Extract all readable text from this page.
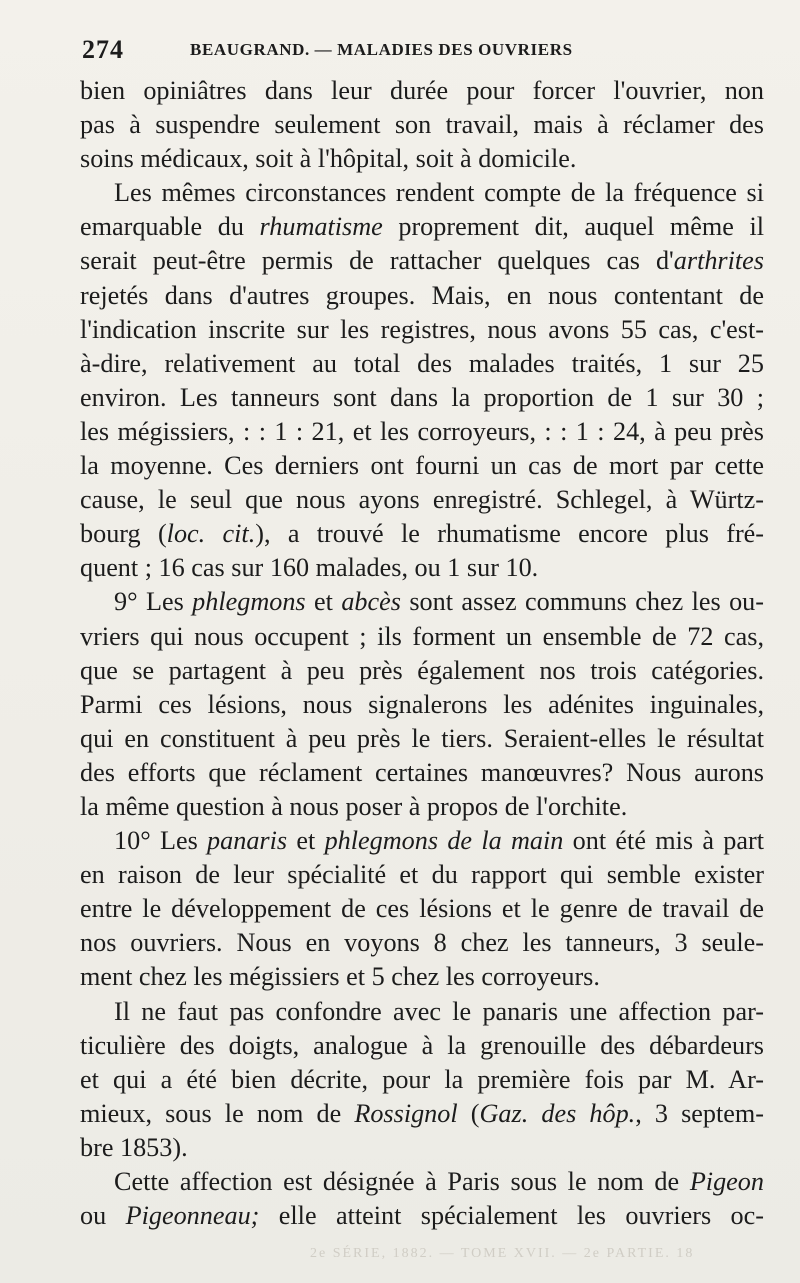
274	BEAUGRAND. — MALADIES DES OUVRIERS
bien opiniâtres dans leur durée pour forcer l'ouvrier, non
pas à suspendre seulement son travail, mais à réclamer des
soins médicaux, soit à l'hôpital, soit à domicile.
Les mêmes circonstances rendent compte de la fréquence si
emarquable du rhumatisme proprement dit, auquel même il
serait peut-être permis de rattacher quelques cas d'arthrites
rejetés dans d'autres groupes. Mais, en nous contentant de
l'indication inscrite sur les registres, nous avons 55 cas, c'est-
à-dire, relativement au total des malades traités, 1 sur 25
environ. Les tanneurs sont dans la proportion de 1 sur 30 ;
les mégissiers, : : 1 : 21, et les corroyeurs, : : 1 : 24, à peu près
la moyenne. Ces derniers ont fourni un cas de mort par cette
cause, le seul que nous ayons enregistré. Schlegel, à Würtz-
bourg (loc. cit.), a trouvé le rhumatisme encore plus fré-
quent ; 16 cas sur 160 malades, ou 1 sur 10.
9° Les phlegmons et abcès sont assez communs chez les ou-
vriers qui nous occupent ; ils forment un ensemble de 72 cas,
que se partagent à peu près également nos trois catégories.
Parmi ces lésions, nous signalerons les adénites inguinales,
qui en constituent à peu près le tiers. Seraient-elles le résultat
des efforts que réclament certaines manœuvres? Nous aurons
la même question à nous poser à propos de l'orchite.
10° Les panaris et phlegmons de la main ont été mis à part
en raison de leur spécialité et du rapport qui semble exister
entre le développement de ces lésions et le genre de travail de
nos ouvriers. Nous en voyons 8 chez les tanneurs, 3 seule-
ment chez les mégissiers et 5 chez les corroyeurs.
Il ne faut pas confondre avec le panaris une affection par-
ticulière des doigts, analogue à la grenouille des débardeurs
et qui a été bien décrite, pour la première fois par M. Ar-
mieux, sous le nom de Rossignol (Gaz. des hôp., 3 septem-
bre 1853).
Cette affection est désignée à Paris sous le nom de Pigeon
ou Pigeonneau; elle atteint spécialement les ouvriers oc-
2e SÉRIE, 1882. — TOME XVII. — 2e PARTIE. 18
